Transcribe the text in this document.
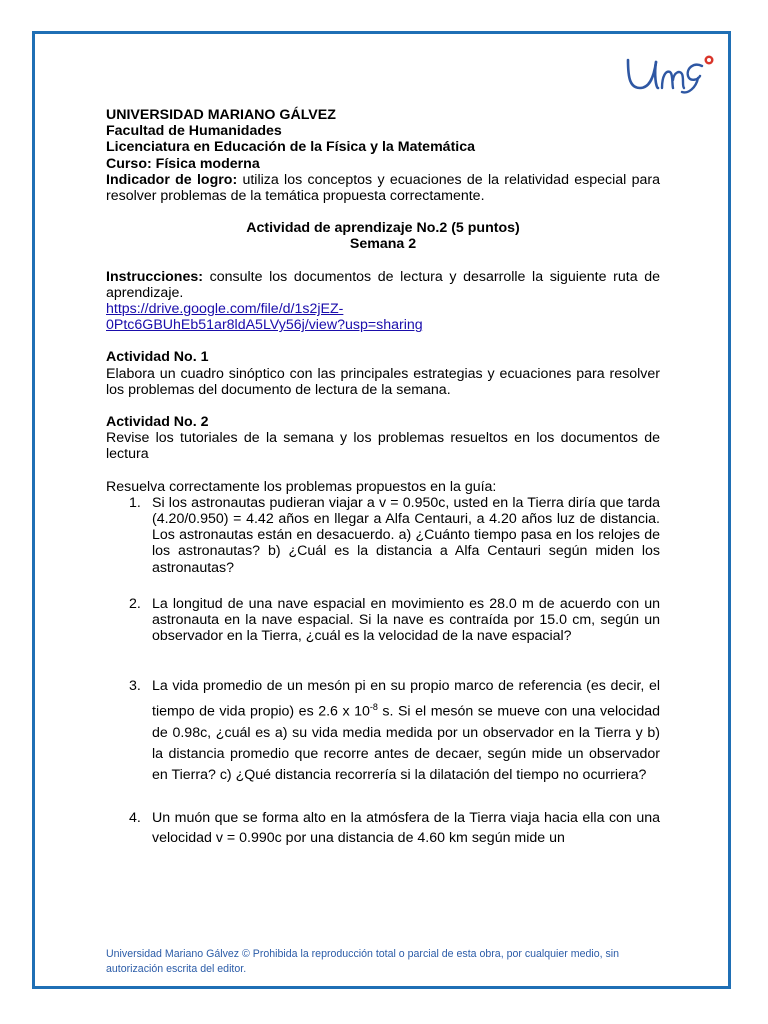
UNIVERSIDAD MARIANO GÁLVEZ
Facultad de Humanidades
Licenciatura en Educación de la Física y la Matemática
Curso: Física moderna
Indicador de logro: utiliza los conceptos y ecuaciones de la relatividad especial para resolver problemas de la temática propuesta correctamente.
Actividad de aprendizaje No.2 (5 puntos)
Semana 2
Instrucciones: consulte los documentos de lectura y desarrolle la siguiente ruta de aprendizaje.
https://drive.google.com/file/d/1s2jEZ-
0Ptc6GBUhEb51ar8ldA5LVy56j/view?usp=sharing
Actividad No. 1
Elabora un cuadro sinóptico con las principales estrategias y ecuaciones para resolver los problemas del documento de lectura de la semana.
Actividad No. 2
Revise los tutoriales de la semana y los problemas resueltos en los documentos de lectura
Resuelva correctamente los problemas propuestos en la guía:
1. Si los astronautas pudieran viajar a v = 0.950c, usted en la Tierra diría que tarda (4.20/0.950) = 4.42 años en llegar a Alfa Centauri, a 4.20 años luz de distancia. Los astronautas están en desacuerdo. a) ¿Cuánto tiempo pasa en los relojes de los astronautas? b) ¿Cuál es la distancia a Alfa Centauri según miden los astronautas?
2. La longitud de una nave espacial en movimiento es 28.0 m de acuerdo con un astronauta en la nave espacial. Si la nave es contraída por 15.0 cm, según un observador en la Tierra, ¿cuál es la velocidad de la nave espacial?
3. La vida promedio de un mesón pi en su propio marco de referencia (es decir, el tiempo de vida propio) es 2.6 x $10^{-8}$ s. Si el mesón se mueve con una velocidad de 0.98c, ¿cuál es a) su vida media medida por un observador en la Tierra y b) la distancia promedio que recorre antes de decaer, según mide un observador en Tierra? c) ¿Qué distancia recorrería si la dilatación del tiempo no ocurriera?
4. Un muón que se forma alto en la atmósfera de la Tierra viaja hacia ella con una velocidad v = 0.990c por una distancia de 4.60 km según mide un
Universidad Mariano Gálvez © Prohibida la reproducción total o parcial de esta obra, por cualquier medio, sin autorización escrita del editor.
